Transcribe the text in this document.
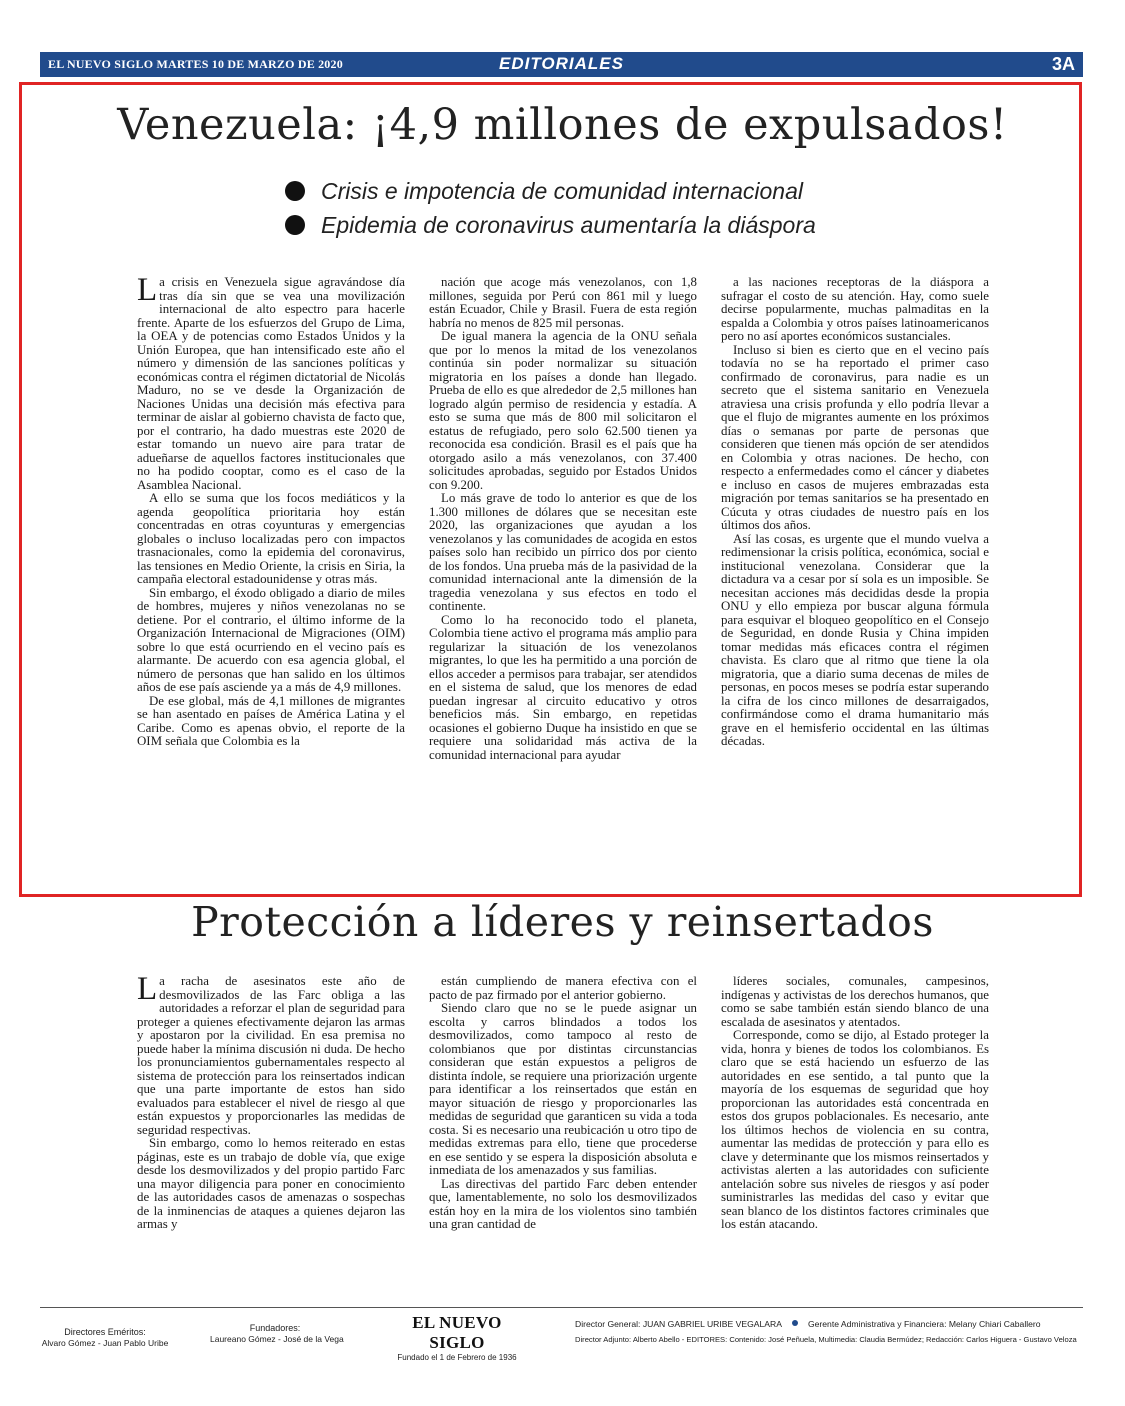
EL NUEVO SIGLO MARTES 10 DE MARZO DE 2020	EDITORIALES	3A
Venezuela: ¡4,9 millones de expulsados!
Crisis e impotencia de comunidad internacional
Epidemia de coronavirus aumentaría la diáspora

La crisis en Venezuela sigue agravándose día tras día sin que se vea una movilización internacional de alto espectro para hacerle frente. Aparte de los esfuerzos del Grupo de Lima, la OEA y de potencias como Estados Unidos y la Unión Europea, que han intensificado este año el número y dimensión de las sanciones políticas y económicas contra el régimen dictatorial de Nicolás Maduro, no se ve desde la Organización de Naciones Unidas una decisión más efectiva para terminar de aislar al gobierno chavista de facto que, por el contrario, ha dado muestras este 2020 de estar tomando un nuevo aire para tratar de adueñarse de aquellos factores institucionales que no ha podido cooptar, como es el caso de la Asamblea Nacional.

A ello se suma que los focos mediáticos y la agenda geopolítica prioritaria hoy están concentradas en otras coyunturas y emergencias globales o incluso localizadas pero con impactos trasnacionales, como la epidemia del coronavirus, las tensiones en Medio Oriente, la crisis en Siria, la campaña electoral estadounidense y otras más.

Sin embargo, el éxodo obligado a diario de miles de hombres, mujeres y niños venezolanas no se detiene. Por el contrario, el último informe de la Organización Internacional de Migraciones (OIM) sobre lo que está ocurriendo en el vecino país es alarmante. De acuerdo con esa agencia global, el número de personas que han salido en los últimos años de ese país asciende ya a más de 4,9 millones.

De ese global, más de 4,1 millones de migrantes se han asentado en países de América Latina y el Caribe. Como es apenas obvio, el reporte de la OIM señala que Colombia es la

nación que acoge más venezolanos, con 1,8 millones, seguida por Perú con 861 mil y luego están Ecuador, Chile y Brasil. Fuera de esta región habría no menos de 825 mil personas.

De igual manera la agencia de la ONU señala que por lo menos la mitad de los venezolanos continúa sin poder normalizar su situación migratoria en los países a donde han llegado. Prueba de ello es que alrededor de 2,5 millones han logrado algún permiso de residencia y estadía. A esto se suma que más de 800 mil solicitaron el estatus de refugiado, pero solo 62.500 tienen ya reconocida esa condición. Brasil es el país que ha otorgado asilo a más venezolanos, con 37.400 solicitudes aprobadas, seguido por Estados Unidos con 9.200.

Lo más grave de todo lo anterior es que de los 1.300 millones de dólares que se necesitan este 2020, las organizaciones que ayudan a los venezolanos y las comunidades de acogida en estos países solo han recibido un pírrico dos por ciento de los fondos. Una prueba más de la pasividad de la comunidad internacional ante la dimensión de la tragedia venezolana y sus efectos en todo el continente.

Como lo ha reconocido todo el planeta, Colombia tiene activo el programa más amplio para regularizar la situación de los venezolanos migrantes, lo que les ha permitido a una porción de ellos acceder a permisos para trabajar, ser atendidos en el sistema de salud, que los menores de edad puedan ingresar al circuito educativo y otros beneficios más. Sin embargo, en repetidas ocasiones el gobierno Duque ha insistido en que se requiere una solidaridad más activa de la comunidad internacional para ayudar

a las naciones receptoras de la diáspora a sufragar el costo de su atención. Hay, como suele decirse popularmente, muchas palmaditas en la espalda a Colombia y otros países latinoamericanos pero no así aportes económicos sustanciales.

Incluso si bien es cierto que en el vecino país todavía no se ha reportado el primer caso confirmado de coronavirus, para nadie es un secreto que el sistema sanitario en Venezuela atraviesa una crisis profunda y ello podría llevar a que el flujo de migrantes aumente en los próximos días o semanas por parte de personas que consideren que tienen más opción de ser atendidos en Colombia y otras naciones. De hecho, con respecto a enfermedades como el cáncer y diabetes e incluso en casos de mujeres embrazadas esta migración por temas sanitarios se ha presentado en Cúcuta y otras ciudades de nuestro país en los últimos dos años.

Así las cosas, es urgente que el mundo vuelva a redimensionar la crisis política, económica, social e institucional venezolana. Considerar que la dictadura va a cesar por sí sola es un imposible. Se necesitan acciones más decididas desde la propia ONU y ello empieza por buscar alguna fórmula para esquivar el bloqueo geopolítico en el Consejo de Seguridad, en donde Rusia y China impiden tomar medidas más eficaces contra el régimen chavista. Es claro que al ritmo que tiene la ola migratoria, que a diario suma decenas de miles de personas, en pocos meses se podría estar superando la cifra de los cinco millones de desarraigados, confirmándose como el drama humanitario más grave en el hemisferio occidental en las últimas décadas.

Protección a líderes y reinsertados

La racha de asesinatos este año de desmovilizados de las Farc obliga a las autoridades a reforzar el plan de seguridad para proteger a quienes efectivamente dejaron las armas y apostaron por la civilidad. En esa premisa no puede haber la mínima discusión ni duda. De hecho los pronunciamientos gubernamentales respecto al sistema de protección para los reinsertados indican que una parte importante de estos han sido evaluados para establecer el nivel de riesgo al que están expuestos y proporcionarles las medidas de seguridad respectivas.

Sin embargo, como lo hemos reiterado en estas páginas, este es un trabajo de doble vía, que exige desde los desmovilizados y del propio partido Farc una mayor diligencia para poner en conocimiento de las autoridades casos de amenazas o sospechas de la inminencias de ataques a quienes dejaron las armas y

están cumpliendo de manera efectiva con el pacto de paz firmado por el anterior gobierno.

Siendo claro que no se le puede asignar un escolta y carros blindados a todos los desmovilizados, como tampoco al resto de colombianos que por distintas circunstancias consideran que están expuestos a peligros de distinta índole, se requiere una priorización urgente para identificar a los reinsertados que están en mayor situación de riesgo y proporcionarles las medidas de seguridad que garanticen su vida a toda costa. Si es necesario una reubicación u otro tipo de medidas extremas para ello, tiene que procederse en ese sentido y se espera la disposición absoluta e inmediata de los amenazados y sus familias.

Las directivas del partido Farc deben entender que, lamentablemente, no solo los desmovilizados están hoy en la mira de los violentos sino también una gran cantidad de

líderes sociales, comunales, campesinos, indígenas y activistas de los derechos humanos, que como se sabe también están siendo blanco de una escalada de asesinatos y atentados.

Corresponde, como se dijo, al Estado proteger la vida, honra y bienes de todos los colombianos. Es claro que se está haciendo un esfuerzo de las autoridades en ese sentido, a tal punto que la mayoría de los esquemas de seguridad que hoy proporcionan las autoridades está concentrada en estos dos grupos poblacionales. Es necesario, ante los últimos hechos de violencia en su contra, aumentar las medidas de protección y para ello es clave y determinante que los mismos reinsertados y activistas alerten a las autoridades con suficiente antelación sobre sus niveles de riesgos y así poder suministrarles las medidas del caso y evitar que sean blanco de los distintos factores criminales que los están atacando.

Directores Eméritos:
Alvaro Gómez - Juan Pablo Uribe
Fundadores:
Laureano Gómez - José de la Vega
EL NUEVO SIGLO
Fundado el 1 de Febrero de 1936
Director General: JUAN GABRIEL URIBE VEGALARA	Gerente Administrativa y Financiera: Melany Chiari Caballero
Director Adjunto: Alberto Abello - EDITORES: Contenido: José Peñuela, Multimedia: Claudia Bermúdez; Redacción: Carlos Higuera - Gustavo Veloza
